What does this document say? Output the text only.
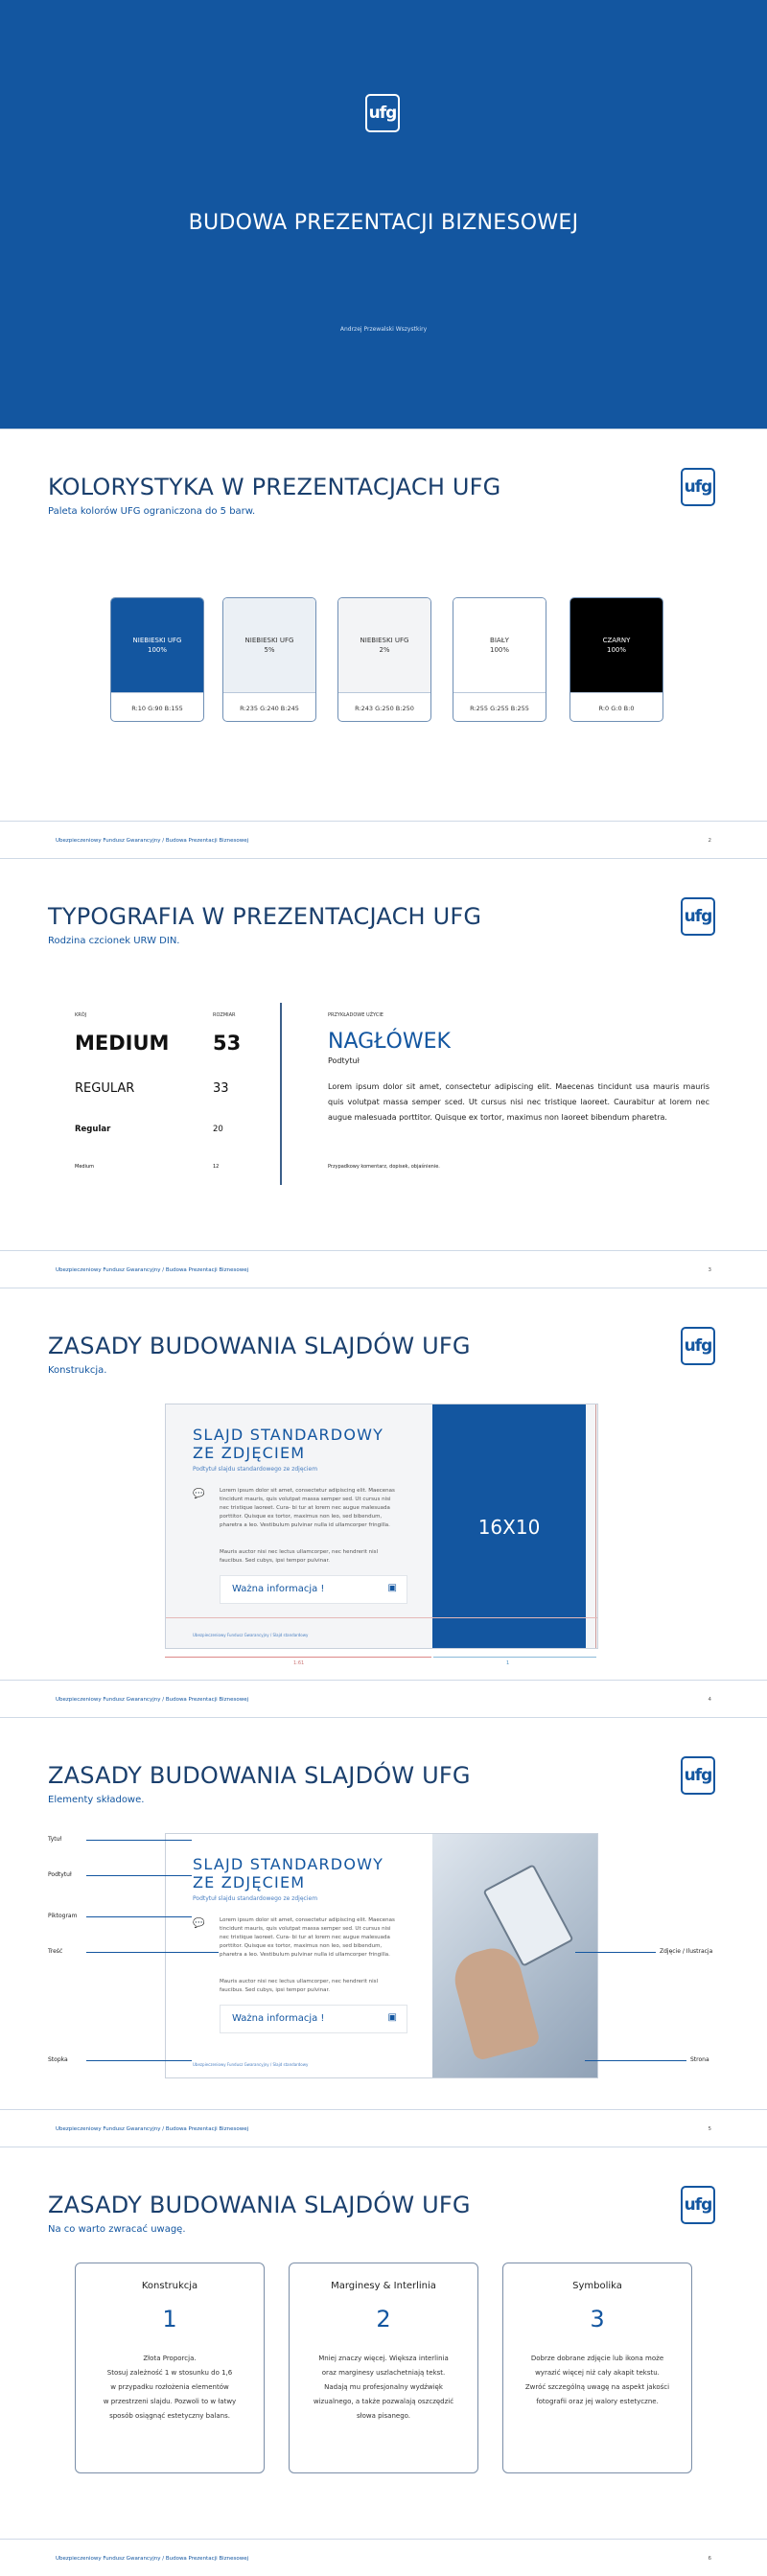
ufg
BUDOWA PREZENTACJI BIZNESOWEJ
Andrzej Przewalski Wszystkiry
KOLORYSTYKA W PREZENTACJACH UFG
Paleta kolorów UFG ograniczona do 5 barw.
ufg
NIEBIESKI UFG
100%
R:10 G:90 B:155
NIEBIESKI UFG
5%
R:235 G:240 B:245
NIEBIESKI UFG
2%
R:243 G:250 B:250
BIAŁY
100%
R:255 G:255 B:255
CZARNY
100%
R:0 G:0 B:0
Ubezpieczeniowy Fundusz Gwarancyjny / Budowa Prezentacji Biznesowej	2
TYPOGRAFIA W PREZENTACJACH UFG
Rodzina czcionek URW DIN.
ufg
KRÓJ	ROZMIAR
MEDIUM 53
REGULAR	33
Regular	20
Medium	12
PRZYKŁADOWE UŻYCIE
NAGŁÓWEK
Podtytuł

Lorem ipsum dolor sit amet, consectetur adipiscing elit. Maecenas tincidunt usa mauris mauris quis volutpat massa semper sced. Ut cursus nisi nec tristique laoreet. Caurabitur at lorem nec augue malesuada porttitor. Quisque ex tortor, maximus non laoreet bibendum pharetra.

Przypadkowy komentarz, dopisek, objaśnienie.
Ubezpieczeniowy Fundusz Gwarancyjny / Budowa Prezentacji Biznesowej	3
ZASADY BUDOWANIA SLAJDÓW UFG
Konstrukcja.
ufg
SLAJD STANDARDOWY
ZE ZDJĘCIEM
Podtytuł slajdu standardowego ze zdjęciem
💬	Lorem ipsum dolor sit amet, consectetur adipiscing elit. Maecenas tincidunt mauris, quis volutpat massa semper sed. Ut cursus nisi nec tristique laoreet. Cura- bi tur at lorem nec augue malesuada porttitor. Quisque ex tortor, maximus non leo, sed bibendum, pharetra a leo. Vestibulum pulvinar nulla id ullamcorper fringilla.
Mauris auctor nisi nec lectus ullamcorper, nec hendrerit nisl faucibus. Sed cubys, ipsi tempor pulvinar.
Ważna informacja !	▣
Ubezpieczeniowy Fundusz Gwarancyjny / Slajd standardowy
16X10
1:61	1
Ubezpieczeniowy Fundusz Gwarancyjny / Budowa Prezentacji Biznesowej	4
ZASADY BUDOWANIA SLAJDÓW UFG
Elementy składowe.
ufg
SLAJD STANDARDOWY
ZE ZDJĘCIEM
Podtytuł slajdu standardowego ze zdjęciem
💬	Lorem ipsum dolor sit amet, consectetur adipiscing elit. Maecenas tincidunt mauris, quis volutpat massa semper sed. Ut cursus nisi nec tristique laoreet. Cura- bi tur at lorem nec augue malesuada porttitor. Quisque ex tortor, maximus non leo, sed bibendum, pharetra a leo. Vestibulum pulvinar nulla id ullamcorper fringilla.
Mauris auctor nisi nec lectus ullamcorper, nec hendrerit nisl faucibus. Sed cubys, ipsi tempor pulvinar.
Ważna informacja !	▣
Ubezpieczeniowy Fundusz Gwarancyjny / Slajd standardowy
Tytuł
Podtytuł
Piktogram
Treść
Stopka
Zdjęcie / Ilustracja
Strona
Ubezpieczeniowy Fundusz Gwarancyjny / Budowa Prezentacji Biznesowej	5
ZASADY BUDOWANIA SLAJDÓW UFG
Na co warto zwracać uwagę.
ufg
Konstrukcja
1
Złota Proporcja.
Stosuj zależność 1 w stosunku do 1,6
w przypadku rozłożenia elementów
w przestrzeni slajdu. Pozwoli to w łatwy
sposób osiągnąć estetyczny balans.
Marginesy & Interlinia
2
Mniej znaczy więcej. Większa interlinia
oraz marginesy uszlachetniają tekst.
Nadają mu profesjonalny wydźwięk
wizualnego, a także pozwalają oszczędzić
słowa pisanego.
Symbolika
3
Dobrze dobrane zdjęcie lub ikona może
wyrazić więcej niż cały akapit tekstu.
Zwróć szczególną uwagę na aspekt jakości
fotografii oraz jej walory estetyczne.
Ubezpieczeniowy Fundusz Gwarancyjny / Budowa Prezentacji Biznesowej	6
